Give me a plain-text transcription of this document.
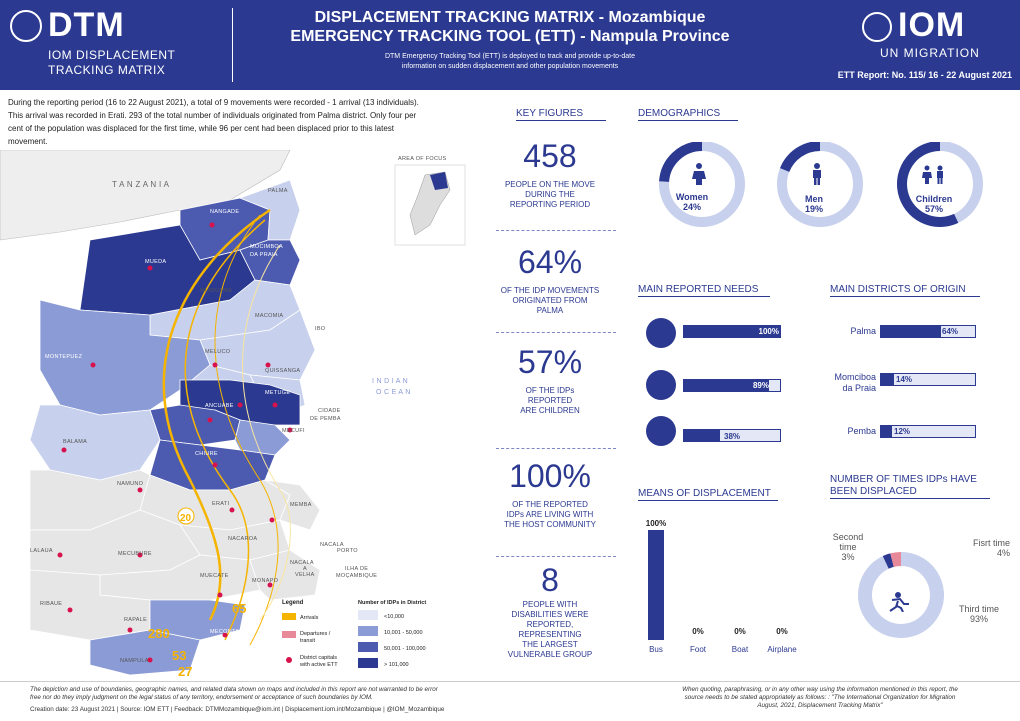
DTM
IOM DISPLACEMENT
TRACKING MATRIX
DISPLACEMENT TRACKING MATRIX - Mozambique
EMERGENCY TRACKING TOOL (ETT) - Nampula Province
DTM Emergency Tracking Tool (ETT) is deployed to track and provide up-to-date
information on sudden displacement and other population movements
IOM
UN MIGRATION
ETT Report: No. 115/ 16 - 22 August 2021
During the reporting period (16 to 22 August 2021), a total of 9 movements were recorded - 1 arrival (13 individuals).
This arrival was recorded in Erati. 293 of the total number of individuals originated from Palma district. Only four per
cent of the population was displaced for the first time, while 96 per cent had been displaced prior to this latest
movement.
20
65
280
53
27
AREA OF FOCUS
T A N Z A N I A
I N D I A N
O C E A N
PALMA
NANGADE
MOCIMBOA
DA PRAIA
MUEDA
MUIDUMBE
MACOMIA
IBO
MELUCO
MONTEPUEZ
QUISSANGA
METUGE
ANCUABE
CIDADE
DE PEMBA
MECUFI
BALAMA
CHIURE
NAMUNO
ERATI	MEMBA
NACAROA
NACALA
PORTO
LALAUA	MECUBURE
NACALA
A
VELHA
ILHA DE
MOÇAMBIQUE
MUECATE
MONAPO
RIBAUE
RAPALE
MECONTA
NAMPULA
Legend
Arrivals
Departures /
transit
District capitals
with active ETT
Number of IDPs in District
<10,000
10,001 - 50,000
50,001 - 100,000
> 101,000
KEY FIGURES
458
PEOPLE ON THE MOVE
DURING THE
REPORTING PERIOD
64%
OF THE IDP MOVEMENTS
ORIGINATED FROM
PALMA
57%
OF THE IDPs
REPORTED
ARE CHILDREN
100%
OF THE REPORTED
IDPs ARE LIVING WITH
THE HOST COMMUNITY
8
PEOPLE WITH
DISABILITIES WERE
REPORTED,
REPRESENTING
THE LARGEST
VULNERABLE GROUP
DEMOGRAPHICS
Women
24%
Men
19%
Children
57%
MAIN REPORTED NEEDS
100%
89%
38%
MAIN DISTRICTS OF ORIGIN
Palma	64%
Momciboa
da Praia
14%
Pemba 12%
MEANS OF DISPLACEMENT
100%
Bus
0%
Foot
0%
Boat
0%
Airplane
NUMBER OF TIMES IDPs HAVE
BEEN DISPLACED
Second
time
3%
Fisrt time
4%
Third time
93%
The depiction and use of boundaries, geographic names, and related data shown on maps and included in this report are not warranted to be error
free nor do they imply judgment on the legal status of any territory, endorsement or acceptance of such boundaries by IOM.
Creation date: 23 August 2021 | Source: IOM ETT | Feedback: DTMMozambique@iom.int | Displacement.iom.int/Mozambique | @IOM_Mozambique
When quoting, paraphrasing, or in any other way using the information mentioned in this report, the
source needs to be stated appropriately as follows: : "The International Organization for Migration
August, 2021, Displacement Tracking Matrix"
